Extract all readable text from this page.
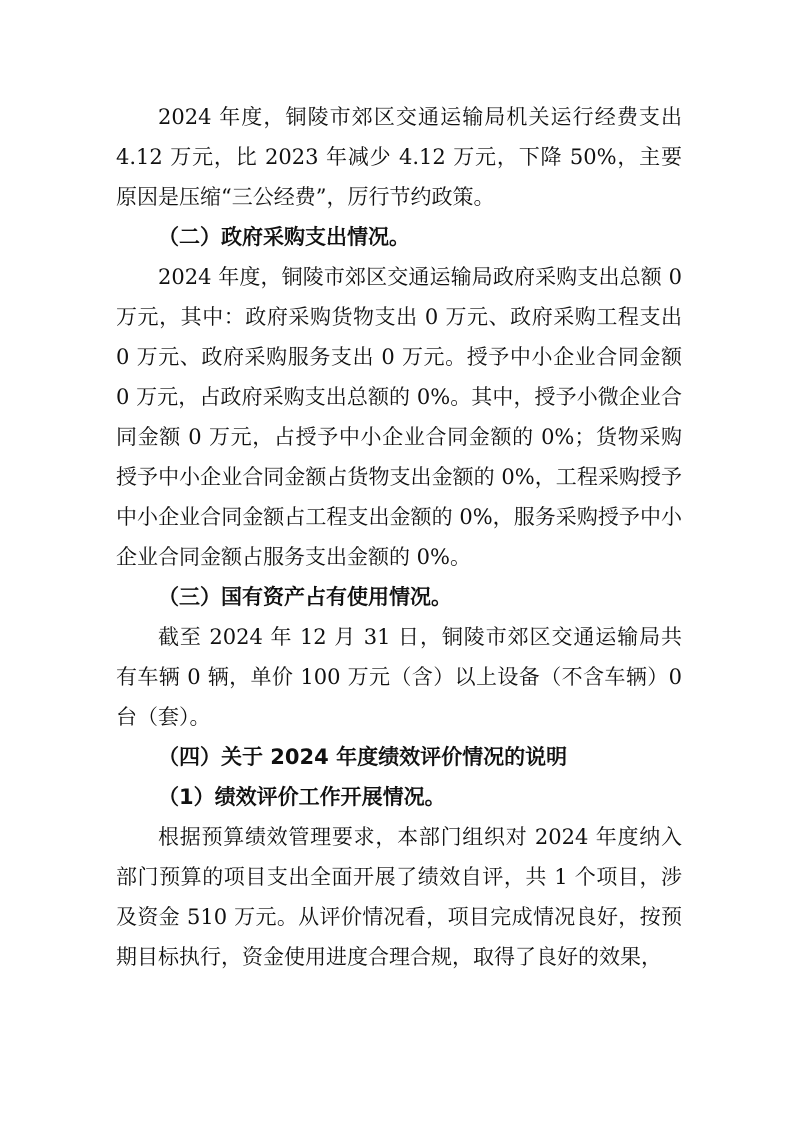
2024 年度，铜陵市郊区交通运输局机关运行经费支出4.12 万元，比 2023 年减少 4.12 万元，下降 50%，主要原因是压缩“三公经费”，厉行节约政策。

（二）政府采购支出情况。

2024 年度，铜陵市郊区交通运输局政府采购支出总额 0 万元，其中：政府采购货物支出 0 万元、政府采购工程支出 0 万元、政府采购服务支出 0 万元。授予中小企业合同金额 0 万元，占政府采购支出总额的 0%。其中，授予小微企业合同金额 0 万元，占授予中小企业合同金额的 0%；货物采购授予中小企业合同金额占货物支出金额的 0%，工程采购授予中小企业合同金额占工程支出金额的 0%，服务采购授予中小企业合同金额占服务支出金额的 0%。

（三）国有资产占有使用情况。

截至 2024 年 12 月 31 日，铜陵市郊区交通运输局共有车辆 0 辆，单价 100 万元（含）以上设备（不含车辆）0 台（套）。

（四）关于 2024 年度绩效评价情况的说明

（1）绩效评价工作开展情况。

根据预算绩效管理要求，本部门组织对 2024 年度纳入部门预算的项目支出全面开展了绩效自评，共 1 个项目，涉及资金 510 万元。从评价情况看，项目完成情况良好，按预期目标执行，资金使用进度合理合规，取得了良好的效果，
